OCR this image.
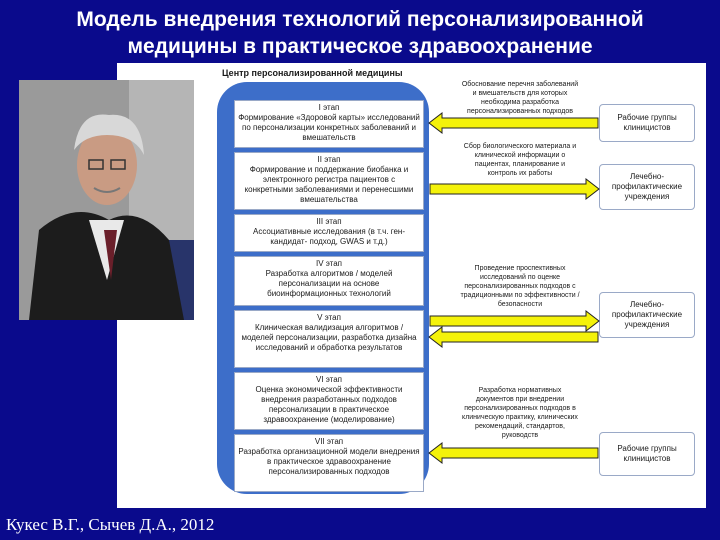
Модель внедрения технологий персонализированной
медицины в практическое здравоохранение
Центр персонализированной медицины
I этап
Формирование «Здоровой карты» исследований по персонализации конкретных заболеваний и вмешательств
II этап
Формирование и поддержание биобанка и электронного регистра пациентов с конкретными заболеваниями и перенесшими вмешательства
III этап
Ассоциативные исследования (в т.ч. ген-кандидат- подход, GWAS и т.д.)
IV этап
Разработка алгоритмов / моделей персонализации на основе биоинформационных технологий
V этап
Клиническая валидизация алгоритмов / моделей персонализации, разработка дизайна исследований и обработка результатов
VI этап
Оценка экономической эффективности внедрения разработанных подходов персонализации в практическое здравоохранение (моделирование)
VII этап
Разработка организационной модели внедрения в практическое здравоохранение персонализированных подходов
Обоснование перечня заболеваний и вмешательств для которых необходима разработка персонализированных подходов
Сбор биологического материала и клинической информации о пациентах, планирование и контроль их работы
Проведение проспективных исследований по оценке персонализированных подходов с традиционными по эффективности / безопасности
Разработка нормативных документов при внедрении персонализированных подходов в клиническую практику, клинических рекомендаций, стандартов, руководств
Рабочие группы клиницистов
Лечебно-профилактические учреждения
Лечебно-профилактические учреждения
Рабочие группы клиницистов
Кукес В.Г., Сычев Д.А., 2012
